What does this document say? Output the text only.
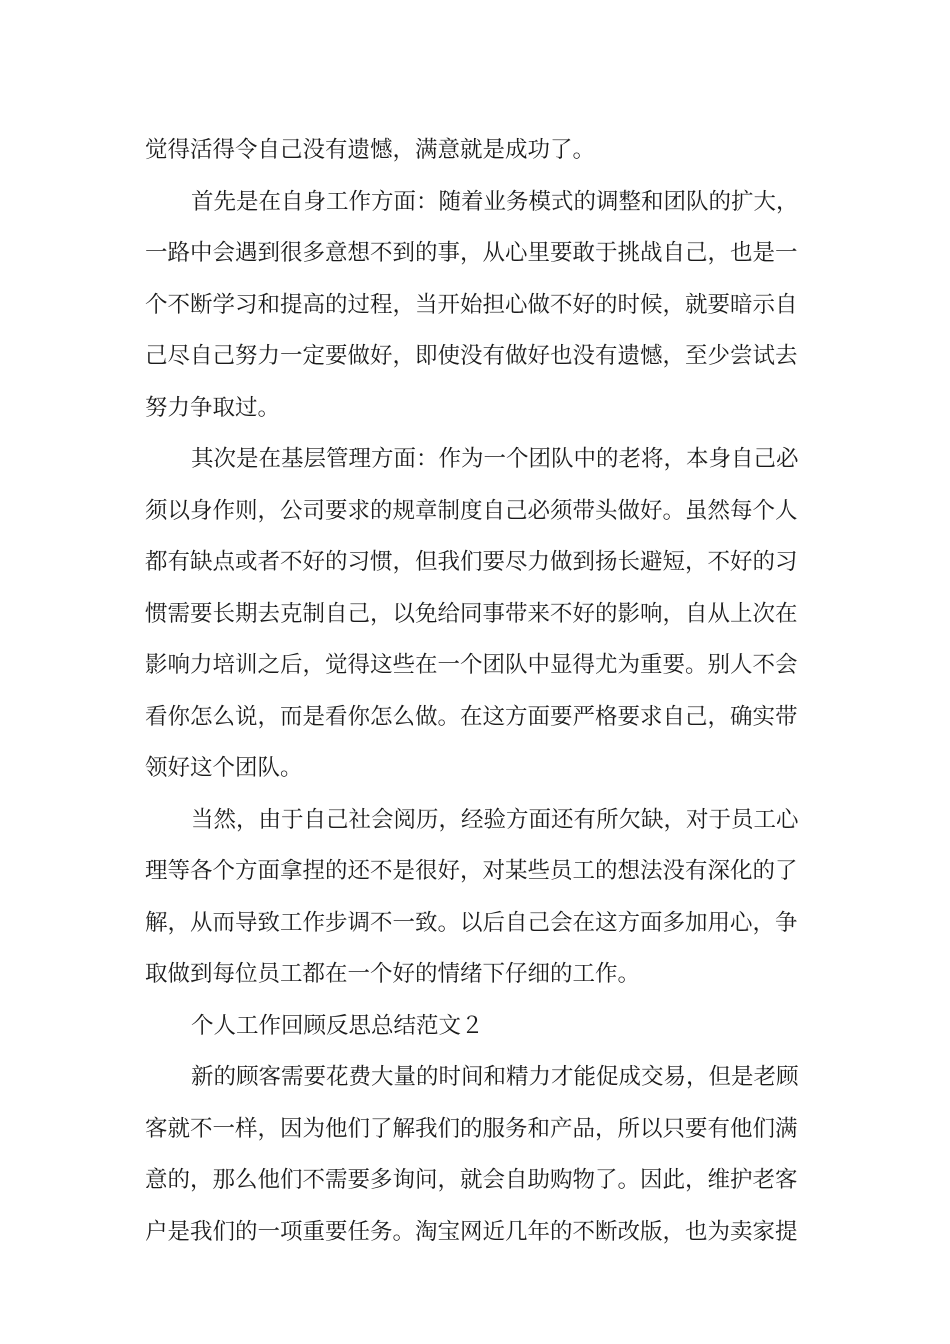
觉得活得令自己没有遗憾，满意就是成功了。
首先是在自身工作方面：随着业务模式的调整和团队的扩大，
一路中会遇到很多意想不到的事，从心里要敢于挑战自己，也是一
个不断学习和提高的过程，当开始担心做不好的时候，就要暗示自
己尽自己努力一定要做好，即使没有做好也没有遗憾，至少尝试去
努力争取过。
其次是在基层管理方面：作为一个团队中的老将，本身自己必
须以身作则，公司要求的规章制度自己必须带头做好。虽然每个人
都有缺点或者不好的习惯，但我们要尽力做到扬长避短，不好的习
惯需要长期去克制自己，以免给同事带来不好的影响，自从上次在
影响力培训之后，觉得这些在一个团队中显得尤为重要。别人不会
看你怎么说，而是看你怎么做。在这方面要严格要求自己，确实带
领好这个团队。
当然，由于自己社会阅历，经验方面还有所欠缺，对于员工心
理等各个方面拿捏的还不是很好，对某些员工的想法没有深化的了
解，从而导致工作步调不一致。以后自己会在这方面多加用心，争
取做到每位员工都在一个好的情绪下仔细的工作。
个人工作回顾反思总结范文２
新的顾客需要花费大量的时间和精力才能促成交易，但是老顾
客就不一样，因为他们了解我们的服务和产品，所以只要有他们满
意的，那么他们不需要多询问，就会自助购物了。因此，维护老客
户是我们的一项重要任务。淘宝网近几年的不断改版，也为卖家提
